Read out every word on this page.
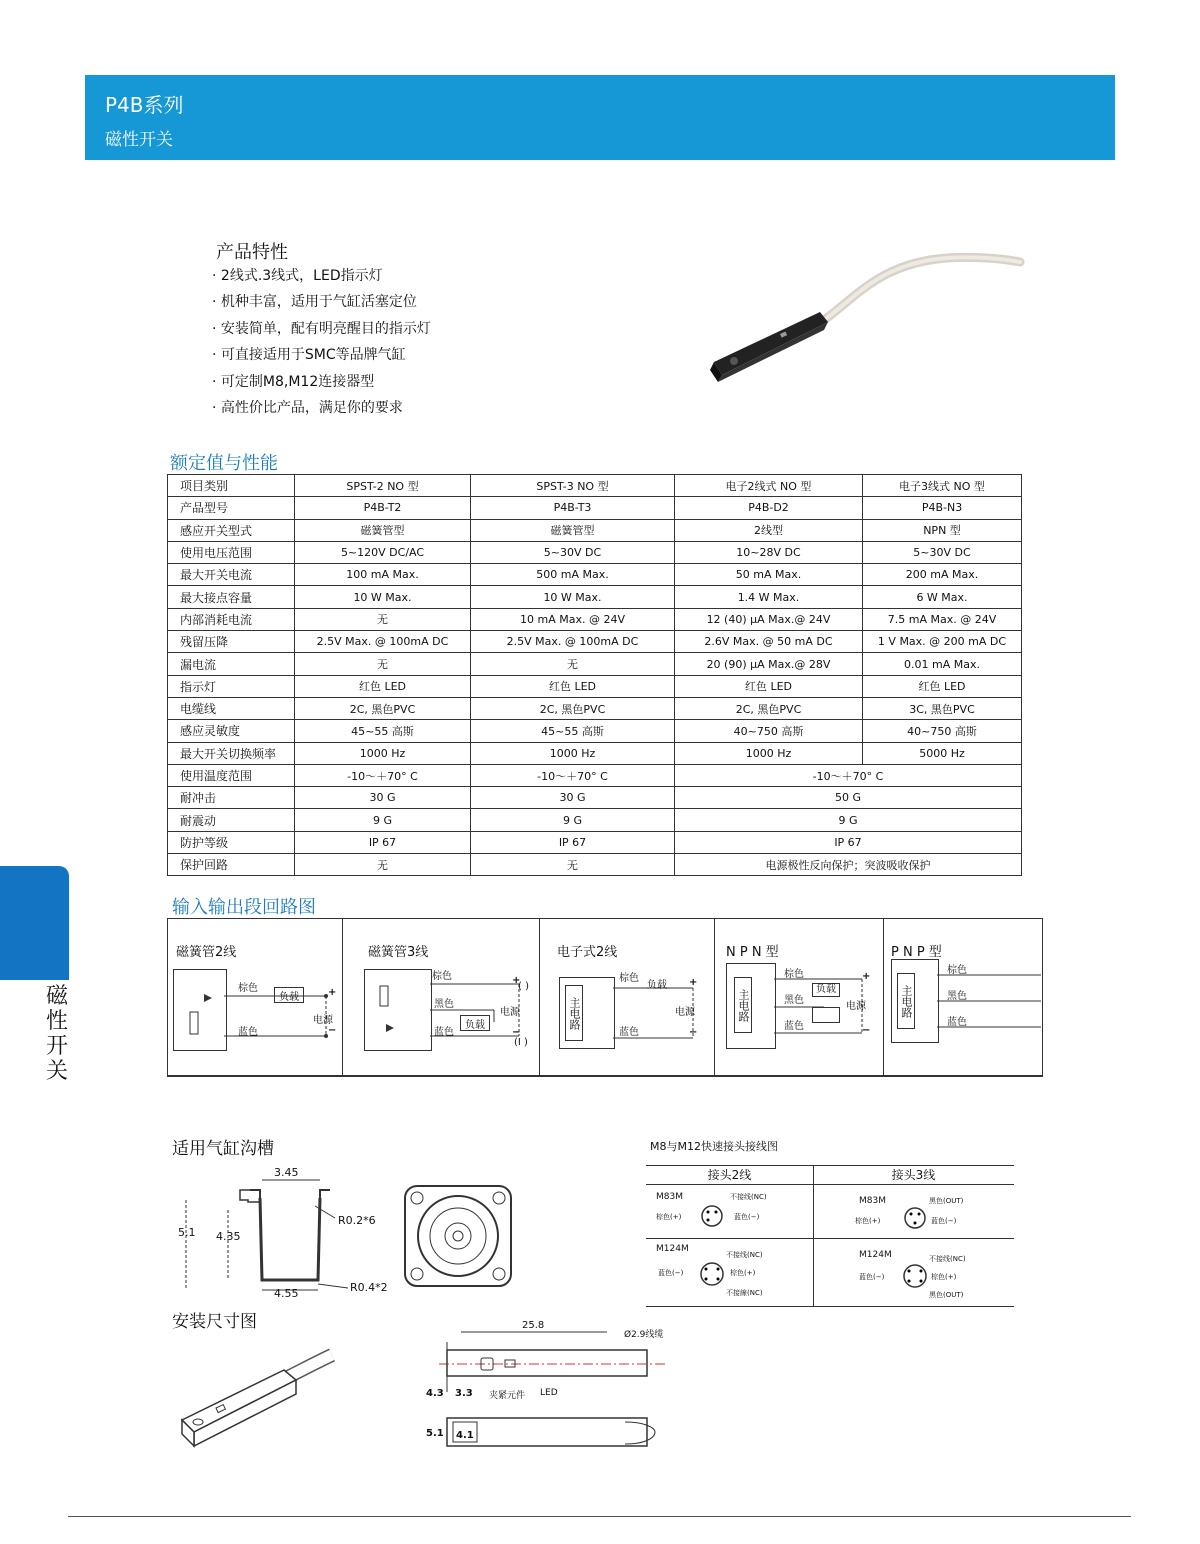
P4B系列
磁性开关
磁
性
开
关
产品特性
· 2线式.3线式，LED指示灯
· 机种丰富，适用于气缸活塞定位
· 安装简单，配有明亮醒目的指示灯
· 可直接适用于SMC等品牌气缸
· 可定制M8,M12连接器型
· 高性价比产品，满足你的要求
额定值与性能
项目类别	SPST-2 NO 型	SPST-3 NO 型	电子2线式 NO 型	电子3线式 NO 型
产品型号	P4B-T2	P4B-T3	P4B-D2	P4B-N3
感应开关型式	磁簧管型	磁簧管型	2线型	NPN 型
使用电压范围	5~120V DC/AC	5~30V DC	10~28V DC	5~30V DC
最大开关电流	100 mA Max.	500 mA Max.	50 mA Max.	200 mA Max.
最大接点容量	10 W Max.	10 W Max.	1.4 W Max.	6 W Max.
内部消耗电流	无	10 mA Max. @ 24V	12 (40) μA Max.@ 24V	7.5 mA Max. @ 24V
残留压降	2.5V Max. @ 100mA DC	2.5V Max. @ 100mA DC	2.6V Max. @ 50 mA DC	1 V Max. @ 200 mA DC
漏电流	无	无	20 (90) μA Max.@ 28V	0.01 mA Max.
指示灯	红色 LED	红色 LED	红色 LED	红色 LED
电缆线	2C, 黑色PVC	2C, 黑色PVC	2C, 黑色PVC	3C, 黑色PVC
感应灵敏度	45~55 高斯	45~55 高斯	40~750 高斯	40~750 高斯
最大开关切换频率	1000 Hz	1000 Hz	1000 Hz	5000 Hz
使用温度范围	-10～＋70° C	-10～＋70° C	-10～＋70° C	
耐冲击	30 G	30 G	50 G	
耐震动	9 G	9 G	9 G	
防护等级	IP 67	IP 67	IP 67	
保护回路	无	无	电源极性反向保护；突波吸收保护	
输入输出段回路图
磁簧管2线
棕色
负载
蓝色
电源
+
−
磁簧管3线
棕色
黑色
负载
蓝色
电源
+
−
( )
(Ⅰ )
电子式2线
主电路
棕色
负载
蓝色
电源
+
−
N P N 型
主电路
棕色
负载
黑色
蓝色
电源
+
−
P N P 型
主电路
棕色
黑色
蓝色
适用气缸沟槽
3.45
5.1 4.35
R0.2*6
4.55	R0.4*2
M8与M12快速接头接线图
接头2线
M83M	不接线(NC)
棕色(+)	蓝色(−)
M124M
不接线(NC)
蓝色(−)	棕色(+)
不接線(NC)
接头3线
M83M	黑色(OUT)
棕色(+)	蓝色(−)
M124M	不接线(NC)
蓝色(−)	棕色(+)
黑色(OUT)
安装尺寸图	25.8
Ø2.9线缆
4.3 3.3 夹紧元件 LED
5.1 4.1
